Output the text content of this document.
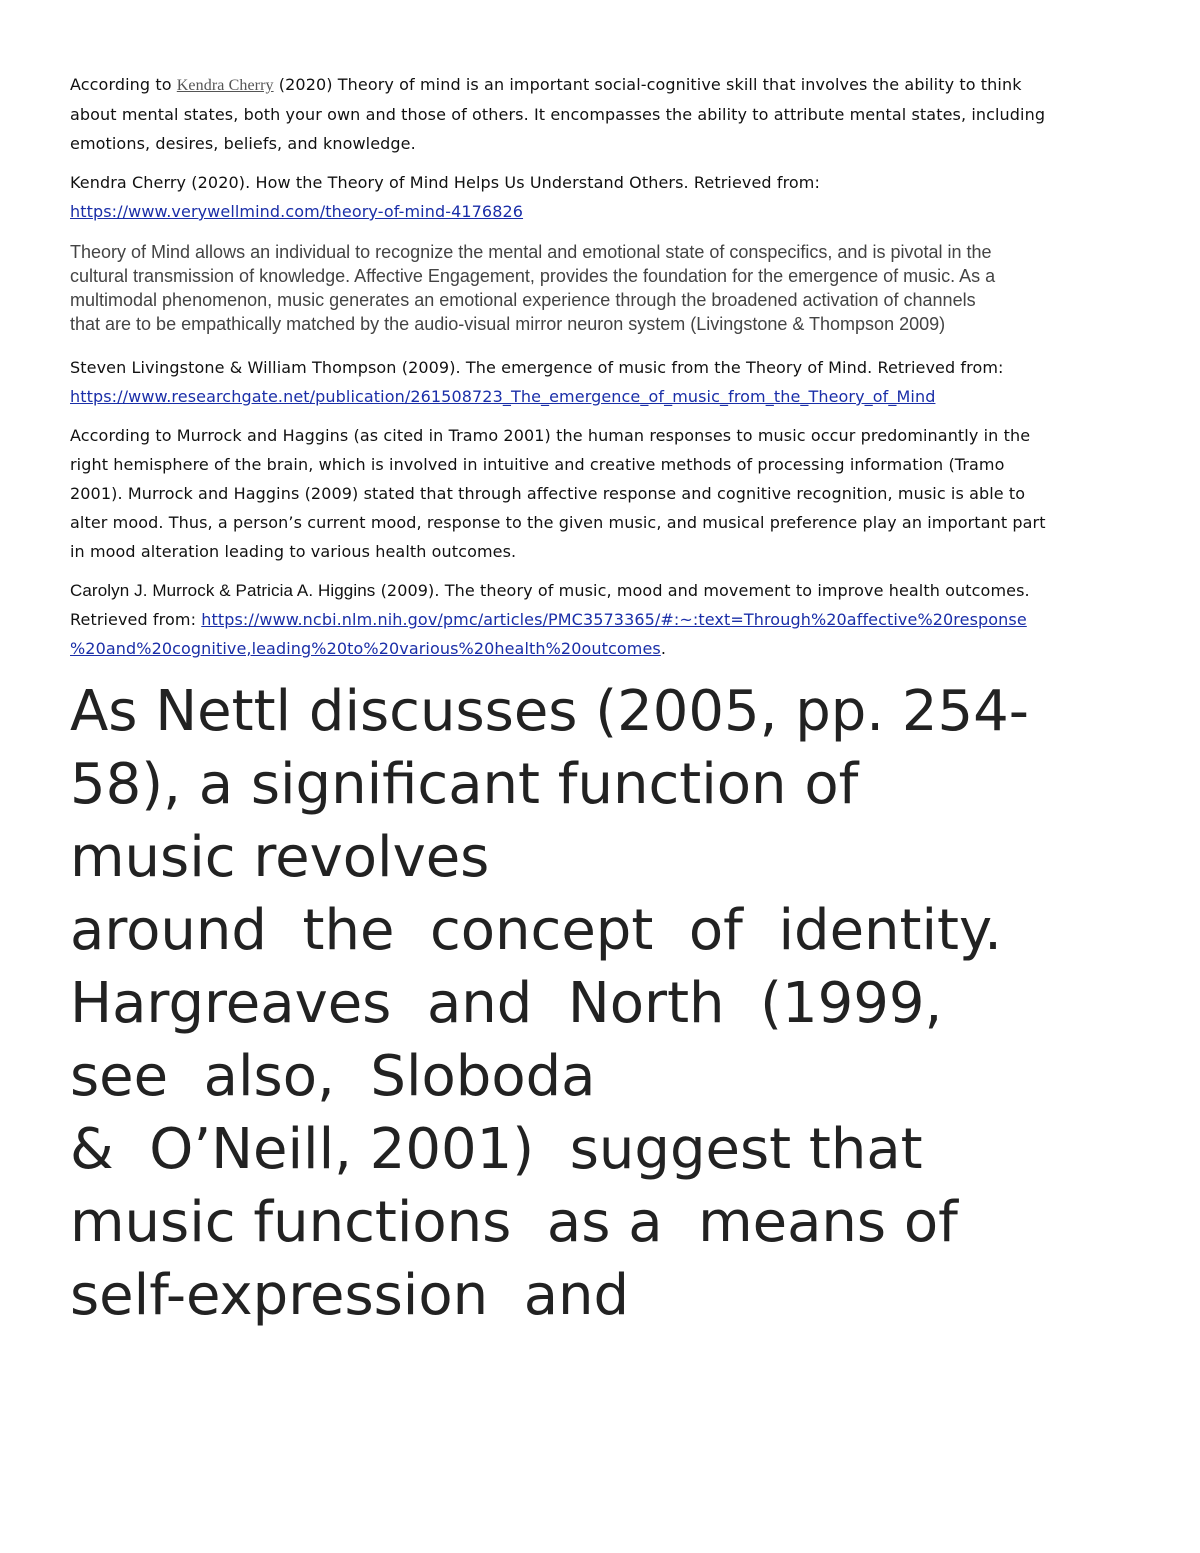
According to Kendra Cherry (2020) Theory of mind is an important social-cognitive skill that involves the ability to think
about mental states, both your own and those of others. It encompasses the ability to attribute mental states, including
emotions, desires, beliefs, and knowledge.

Kendra Cherry (2020). How the Theory of Mind Helps Us Understand Others. Retrieved from:
https://www.verywellmind.com/theory-of-mind-4176826

Theory of Mind allows an individual to recognize the mental and emotional state of conspecifics, and is pivotal in the
cultural transmission of knowledge. Affective Engagement, provides the foundation for the emergence of music. As a
multimodal phenomenon, music generates an emotional experience through the broadened activation of channels
that are to be empathically matched by the audio-visual mirror neuron system (Livingstone & Thompson 2009)

Steven Livingstone & William Thompson (2009). The emergence of music from the Theory of Mind. Retrieved from:
https://www.researchgate.net/publication/261508723_The_emergence_of_music_from_the_Theory_of_Mind

According to Murrock and Haggins (as cited in Tramo 2001) the human responses to music occur predominantly in the
right hemisphere of the brain, which is involved in intuitive and creative methods of processing information (Tramo
2001). Murrock and Haggins (2009) stated that through affective response and cognitive recognition, music is able to
alter mood. Thus, a person’s current mood, response to the given music, and musical preference play an important part
in mood alteration leading to various health outcomes.

Carolyn J. Murrock & Patricia A. Higgins (2009). The theory of music, mood and movement to improve health outcomes.
Retrieved from: https://www.ncbi.nlm.nih.gov/pmc/articles/PMC3573365/#:~:text=Through%20affective%20response
%20and%20cognitive,leading%20to%20various%20health%20outcomes.

As Nettl discusses (2005, pp. 254-

58), a significant function of

music revolves

around  the  concept  of  identity.

Hargreaves  and  North  (1999,

see  also,  Sloboda

&  O’Neill, 2001)  suggest that

music functions  as a  means of

self-expression  and
